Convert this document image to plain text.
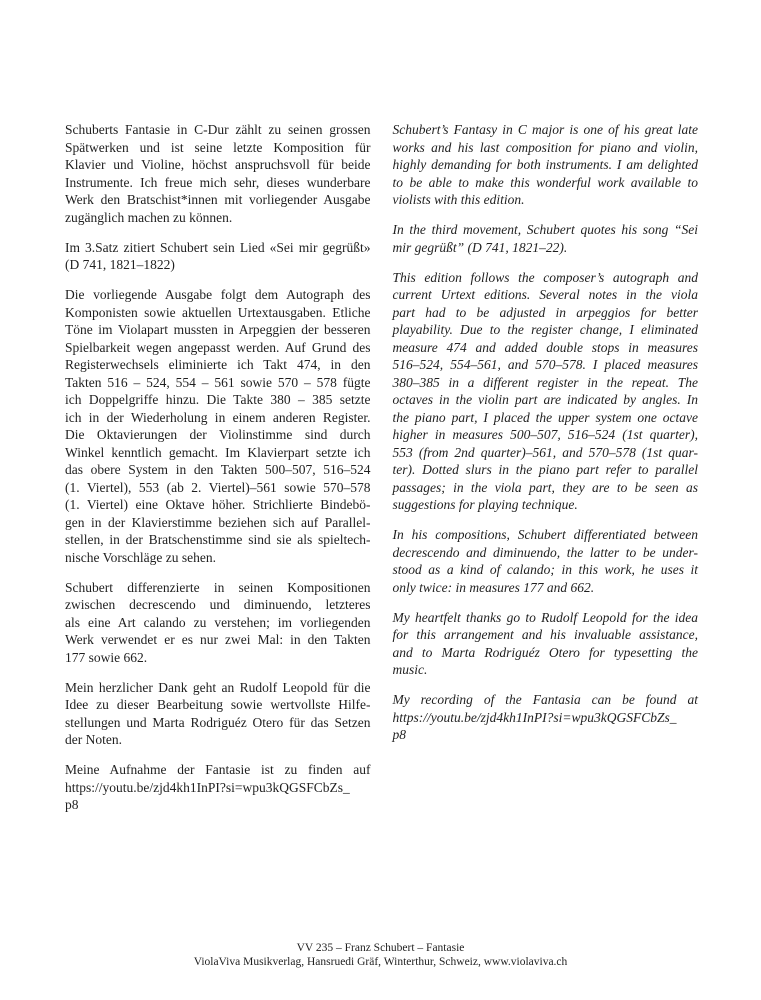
Schuberts Fantasie in C-Dur zählt zu seinen grossen
Spätwerken und ist seine letzte Komposition für
Klavier und Violine, höchst anspruchsvoll für beide
Instrumente. Ich freue mich sehr, dieses wunderbare
Werk den Bratschist*innen mit vorliegender Ausgabe
zugänglich machen zu können.
Im 3.Satz zitiert Schubert sein Lied «Sei mir gegrüßt»
(D 741, 1821–1822)
Die vorliegende Ausgabe folgt dem Autograph des
Komponisten sowie aktuellen Urtextausgaben. Etliche
Töne im Violapart mussten in Arpeggien der besseren
Spielbarkeit wegen angepasst werden. Auf Grund des
Registerwechsels eliminierte ich Takt 474, in den
Takten 516 – 524, 554 – 561 sowie 570 – 578 fügte
ich Doppelgriffe hinzu. Die Takte 380 – 385 setzte
ich in der Wiederholung in einem anderen Register.
Die Oktavierungen der Violinstimme sind durch
Winkel kenntlich gemacht. Im Klavierpart setzte ich
das obere System in den Takten 500–507, 516–524
(1. Viertel), 553 (ab 2. Viertel)–561 sowie 570–578
(1. Viertel) eine Oktave höher. Strichlierte Bindebö-
gen in der Klavierstimme beziehen sich auf Parallel-
stellen, in der Bratschenstimme sind sie als spieltech-
nische Vorschläge zu sehen.
Schubert differenzierte in seinen Kompositionen
zwischen decrescendo und diminuendo, letzteres
als eine Art calando zu verstehen; im vorliegenden
Werk verwendet er es nur zwei Mal: in den Takten
177 sowie 662.
Mein herzlicher Dank geht an Rudolf Leopold für die
Idee zu dieser Bearbeitung sowie wertvollste Hilfe-
stellungen und Marta Rodriguéz Otero für das Setzen
der Noten.
Meine Aufnahme der Fantasie ist zu finden auf
https://youtu.be/zjd4kh1InPI?si=wpu3kQGSFCbZs_
p8
Schubert’s Fantasy in C major is one of his great late
works and his last composition for piano and violin,
highly demanding for both instruments. I am delighted
to be able to make this wonderful work available to
violists with this edition.
In the third movement, Schubert quotes his song “Sei
mir gegrüßt” (D 741, 1821–22).
This edition follows the composer’s autograph and
current Urtext editions. Several notes in the viola
part had to be adjusted in arpeggios for better
playability. Due to the register change, I eliminated
measure 474 and added double stops in measures
516–524, 554–561, and 570–578. I placed measures
380–385 in a different register in the repeat. The
octaves in the violin part are indicated by angles. In
the piano part, I placed the upper system one octave
higher in measures 500–507, 516–524 (1st quarter),
553 (from 2nd quarter)–561, and 570–578 (1st quar-
ter). Dotted slurs in the piano part refer to parallel
passages; in the viola part, they are to be seen as
suggestions for playing technique.
In his compositions, Schubert differentiated between
decrescendo and diminuendo, the latter to be under-
stood as a kind of calando; in this work, he uses it
only twice: in measures 177 and 662.
My heartfelt thanks go to Rudolf Leopold for the idea
for this arrangement and his invaluable assistance,
and to Marta Rodriguéz Otero for typesetting the
music.
My recording of the Fantasia can be found at
https://youtu.be/zjd4kh1InPI?si=wpu3kQGSFCbZs_
p8
VV 235 – Franz Schubert – Fantasie
ViolaViva Musikverlag, Hansruedi Gräf, Winterthur, Schweiz, www.violaviva.ch
